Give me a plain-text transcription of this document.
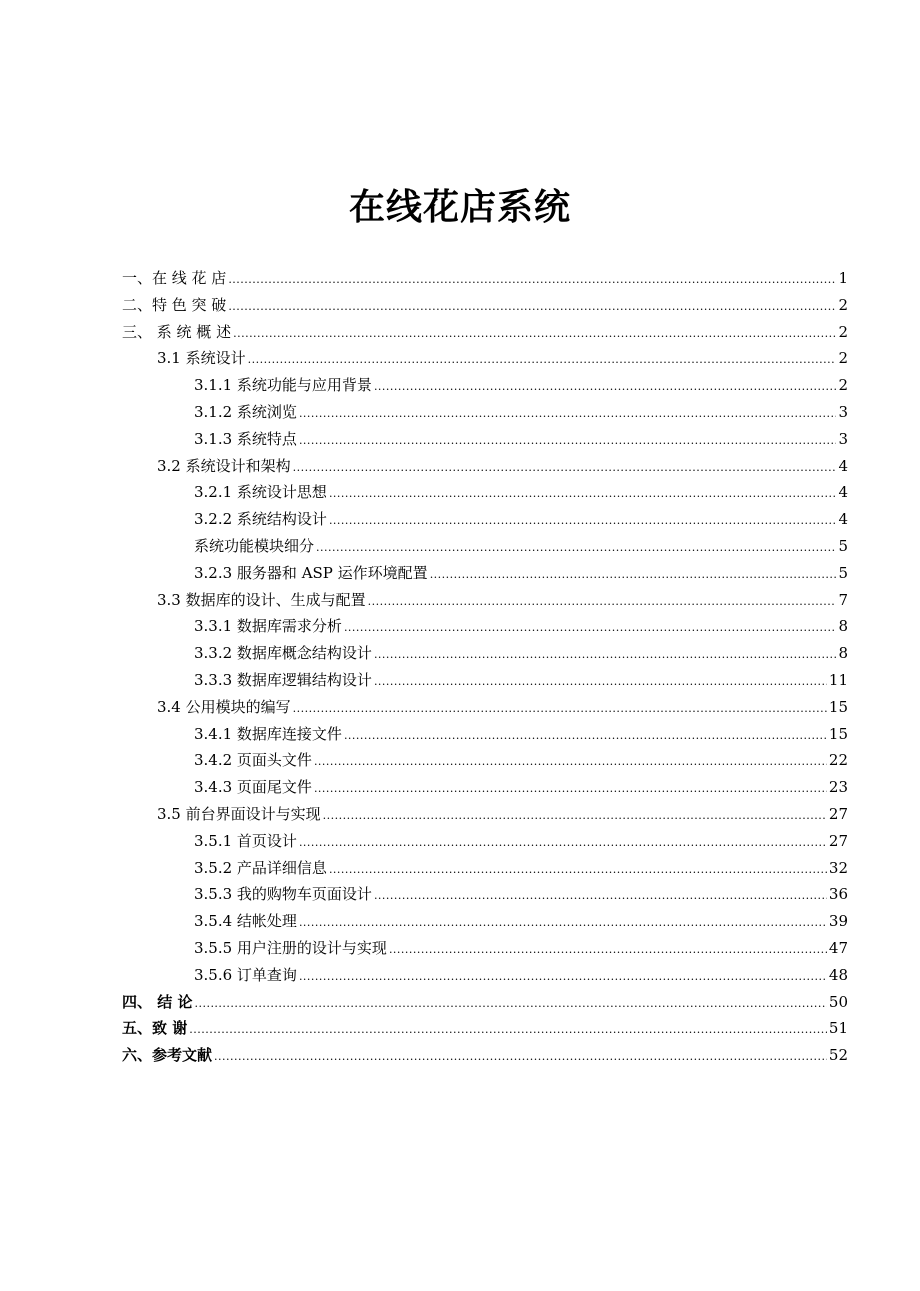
在线花店系统
一、在 线 花 店 .....	1
二、特 色 突 破 .....	2
三、 系 统 概 述 .....	2
3.1 系统设计 .....	2
3.1.1 系统功能与应用背景 .....	2
3.1.2 系统浏览 .....	3
3.1.3 系统特点 .....	3
3.2 系统设计和架构 .....	4
3.2.1 系统设计思想 .....	4
3.2.2 系统结构设计 .....	4
系统功能模块细分 .....	5
3.2.3 服务器和 ASP 运作环境配置 .....	5
3.3 数据库的设计、生成与配置 .....	7
3.3.1 数据库需求分析 .....	8
3.3.2 数据库概念结构设计 .....	8
3.3.3 数据库逻辑结构设计 .....	11
3.4 公用模块的编写 .....	15
3.4.1 数据库连接文件 .....	15
3.4.2 页面头文件 .....	22
3.4.3 页面尾文件 .....	23
3.5 前台界面设计与实现 .....	27
3.5.1 首页设计 .....	27
3.5.2 产品详细信息 .....	32
3.5.3 我的购物车页面设计 .....	36
3.5.4 结帐处理 .....	39
3.5.5 用户注册的设计与实现 .....	47
3.5.6 订单查询 .....	48
四、 结 论 .....	50
五、致 谢 .....	51
六、参考文献 .....	52
